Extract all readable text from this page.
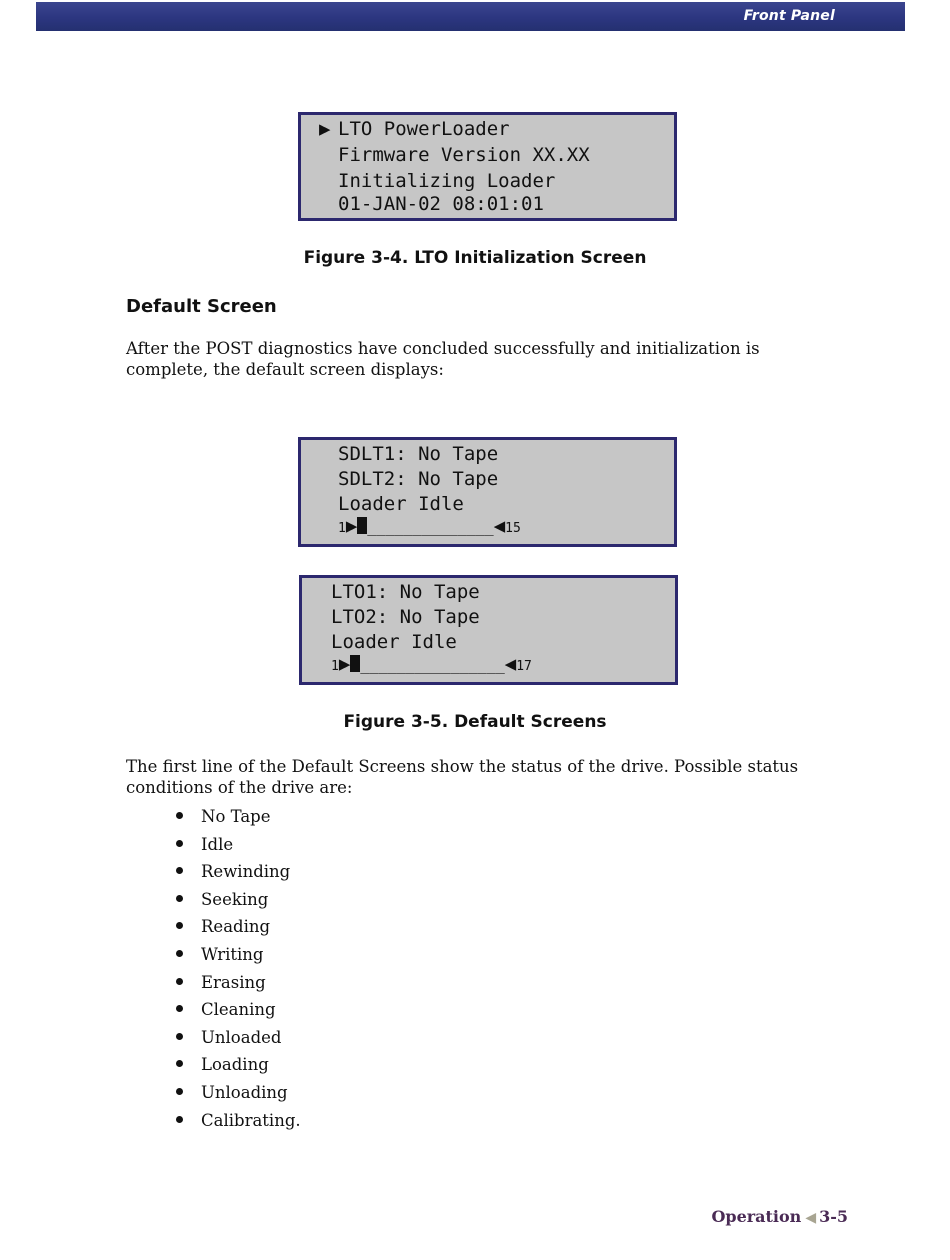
Front Panel
▶ LTO PowerLoader
Firmware Version XX.XX
Initializing Loader
01-JAN-02 08:01:01
Figure 3-4. LTO Initialization Screen
Default Screen
After the POST diagnostics have concluded successfully and initialization is complete, the default screen displays:
SDLT1: No Tape
SDLT2: No Tape
Loader Idle
1▶ ______________◀15
LTO1: No Tape
LTO2: No Tape
Loader Idle
1▶ ________________◀17
Figure 3-5. Default Screens
The first line of the Default Screens show the status of the drive. Possible status conditions of the drive are:
No Tape
Idle
Rewinding
Seeking
Reading
Writing
Erasing
Cleaning
Unloaded
Loading
Unloading
Calibrating.
Operation ◀ 3-5
